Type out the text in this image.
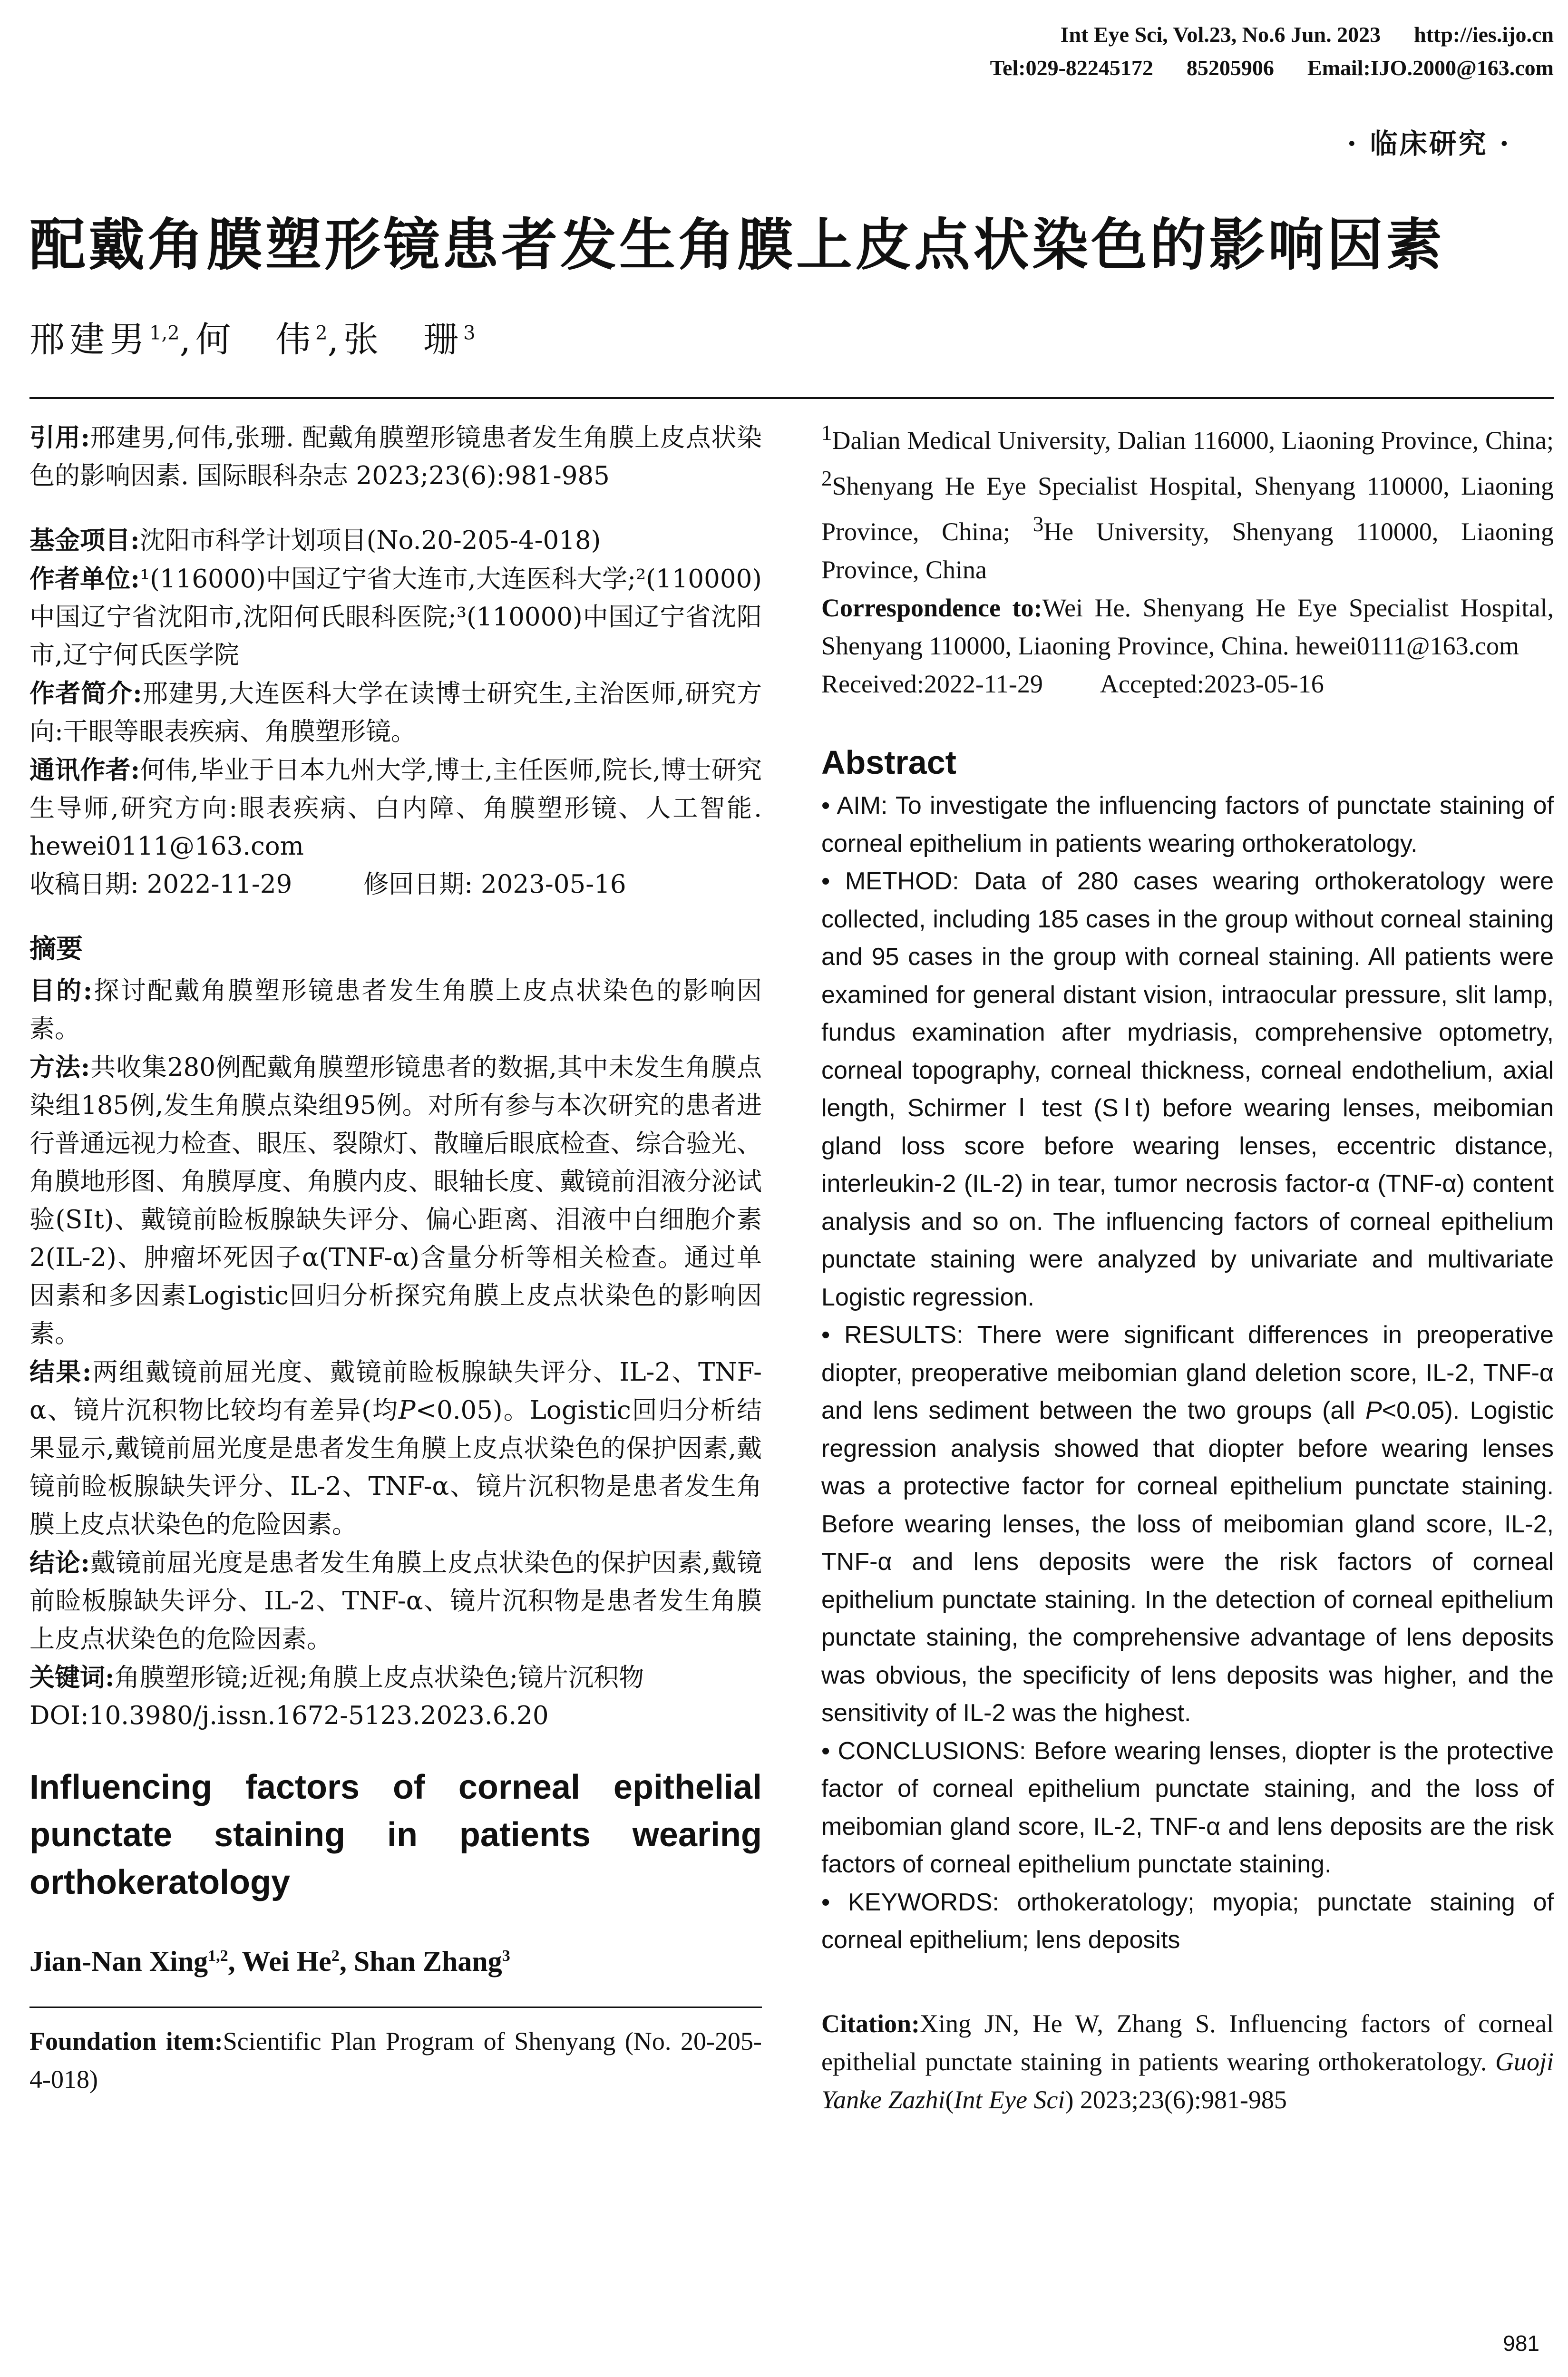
Int Eye Sci, Vol.23, No.6 Jun. 2023 http://ies.ijo.cn
Tel:029-82245172 85205906 Email:IJO.2000@163.com
· 临床研究 ·
配戴角膜塑形镜患者发生角膜上皮点状染色的影响因素
邢建男$^{1,2}$,何　伟$^2$,张　珊$^3$

引用:邢建男,何伟,张珊. 配戴角膜塑形镜患者发生角膜上皮点状染色的影响因素. 国际眼科杂志 2023;23(6):981-985

基金项目:沈阳市科学计划项目(No.20-205-4-018)

作者单位:¹(116000)中国辽宁省大连市,大连医科大学;²(110000)中国辽宁省沈阳市,沈阳何氏眼科医院;³(110000)中国辽宁省沈阳市,辽宁何氏医学院

作者简介:邢建男,大连医科大学在读博士研究生,主治医师,研究方向:干眼等眼表疾病、角膜塑形镜。

通讯作者:何伟,毕业于日本九州大学,博士,主任医师,院长,博士研究生导师,研究方向:眼表疾病、白内障、角膜塑形镜、人工智能. hewei0111@163.com

收稿日期: 2022-11-29	修回日期: 2023-05-16

摘要

目的:探讨配戴角膜塑形镜患者发生角膜上皮点状染色的影响因素。

方法:共收集280例配戴角膜塑形镜患者的数据,其中未发生角膜点染组185例,发生角膜点染组95例。对所有参与本次研究的患者进行普通远视力检查、眼压、裂隙灯、散瞳后眼底检查、综合验光、角膜地形图、角膜厚度、角膜内皮、眼轴长度、戴镜前泪液分泌试验(SⅠt)、戴镜前睑板腺缺失评分、偏心距离、泪液中白细胞介素2(IL-2)、肿瘤坏死因子α(TNF-α)含量分析等相关检查。通过单因素和多因素Logistic回归分析探究角膜上皮点状染色的影响因素。

结果:两组戴镜前屈光度、戴镜前睑板腺缺失评分、IL-2、TNF-α、镜片沉积物比较均有差异(均P<0.05)。Logistic回归分析结果显示,戴镜前屈光度是患者发生角膜上皮点状染色的保护因素,戴镜前睑板腺缺失评分、IL-2、TNF-α、镜片沉积物是患者发生角膜上皮点状染色的危险因素。

结论:戴镜前屈光度是患者发生角膜上皮点状染色的保护因素,戴镜前睑板腺缺失评分、IL-2、TNF-α、镜片沉积物是患者发生角膜上皮点状染色的危险因素。

关键词:角膜塑形镜;近视;角膜上皮点状染色;镜片沉积物

DOI:10.3980/j.issn.1672-5123.2023.6.20

Influencing factors of corneal epithelial punctate staining in patients wearing orthokeratology
Jian-Nan Xing$^{1,2}$, Wei He$^2$, Shan Zhang$^3$

Foundation item:Scientific Plan Program of Shenyang (No. 20-205-4-018)

$^1$Dalian Medical University, Dalian 116000, Liaoning Province, China; $^2$Shenyang He Eye Specialist Hospital, Shenyang 110000, Liaoning Province, China; $^3$He University, Shenyang 110000, Liaoning Province, China

Correspondence to:Wei He. Shenyang He Eye Specialist Hospital, Shenyang 110000, Liaoning Province, China. hewei0111@163.com

Received:2022-11-29 Accepted:2023-05-16

Abstract

• AIM: To investigate the influencing factors of punctate staining of corneal epithelium in patients wearing orthokeratology.

• METHOD: Data of 280 cases wearing orthokeratology were collected, including 185 cases in the group without corneal staining and 95 cases in the group with corneal staining. All patients were examined for general distant vision, intraocular pressure, slit lamp, fundus examination after mydriasis, comprehensive optometry, corneal topography, corneal thickness, corneal endothelium, axial length, Schirmer Ⅰ test (SⅠt) before wearing lenses, meibomian gland loss score before wearing lenses, eccentric distance, interleukin-2 (IL-2) in tear, tumor necrosis factor-α (TNF-α) content analysis and so on. The influencing factors of corneal epithelium punctate staining were analyzed by univariate and multivariate Logistic regression.

• RESULTS: There were significant differences in preoperative diopter, preoperative meibomian gland deletion score, IL-2, TNF-α and lens sediment between the two groups (all P<0.05). Logistic regression analysis showed that diopter before wearing lenses was a protective factor for corneal epithelium punctate staining. Before wearing lenses, the loss of meibomian gland score, IL-2, TNF-α and lens deposits were the risk factors of corneal epithelium punctate staining. In the detection of corneal epithelium punctate staining, the comprehensive advantage of lens deposits was obvious, the specificity of lens deposits was higher, and the sensitivity of IL-2 was the highest.

• CONCLUSIONS: Before wearing lenses, diopter is the protective factor of corneal epithelium punctate staining, and the loss of meibomian gland score, IL-2, TNF-α and lens deposits are the risk factors of corneal epithelium punctate staining.

• KEYWORDS: orthokeratology; myopia; punctate staining of corneal epithelium; lens deposits

Citation:Xing JN, He W, Zhang S. Influencing factors of corneal epithelial punctate staining in patients wearing orthokeratology. Guoji Yanke Zazhi(Int Eye Sci) 2023;23(6):981-985

981
